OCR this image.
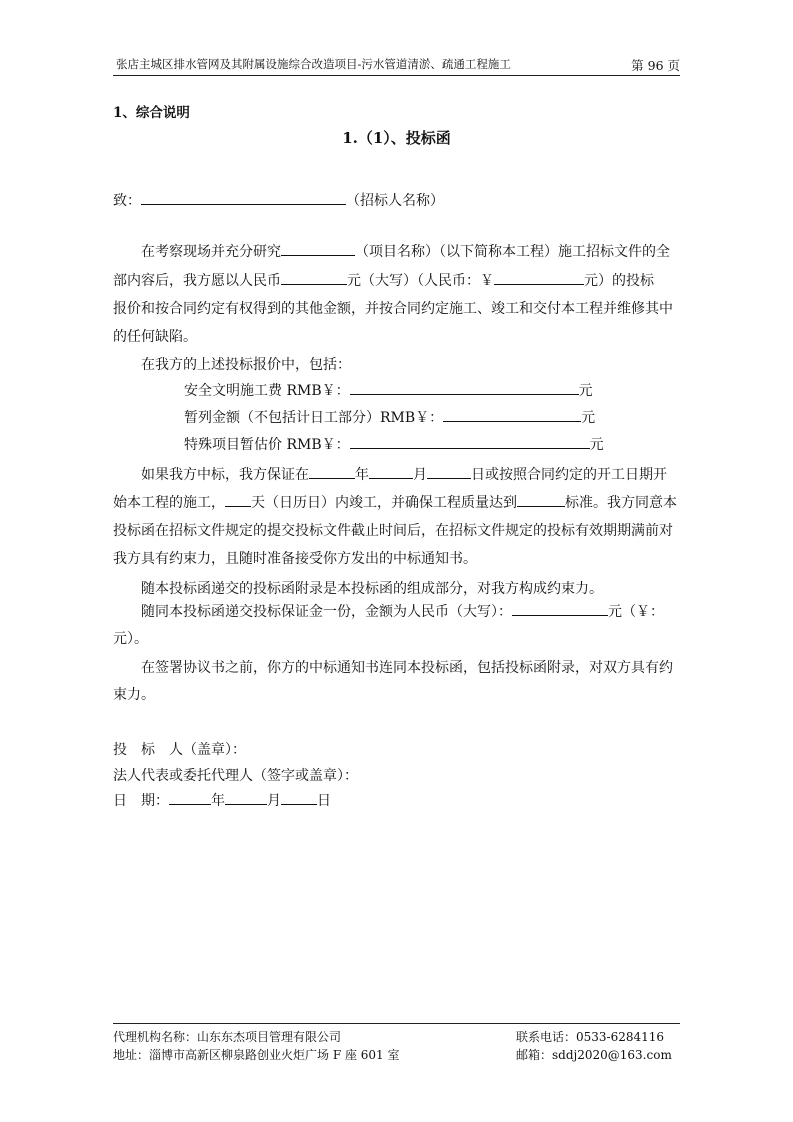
张店主城区排水管网及其附属设施综合改造项目-污水管道清淤、疏通工程施工	第 96 页
1、综合说明
1.（1）、投标函
致：	（招标人名称）
在考察现场并充分研究	（项目名称）（以下简称本工程）施工招标文件的全
部内容后，我方愿以人民币	元（大写）（人民币：￥	元）的投标
报价和按合同约定有权得到的其他金额，并按合同约定施工、竣工和交付本工程并维修其中
的任何缺陷。
在我方的上述投标报价中，包括：
安全文明施工费 RMB￥：	元
暂列金额（不包括计日工部分）RMB￥：	元
特殊项目暂估价 RMB￥：	元
如果我方中标，我方保证在	年	月	日或按照合同约定的开工日期开
始本工程的施工， 天（日历日）内竣工，并确保工程质量达到	标准。我方同意本
投标函在招标文件规定的提交投标文件截止时间后，在招标文件规定的投标有效期期满前对
我方具有约束力，且随时准备接受你方发出的中标通知书。
随本投标函递交的投标函附录是本投标函的组成部分，对我方构成约束力。
随同本投标函递交投标保证金一份，金额为人民币（大写）：	元（￥：
元）。
在签署协议书之前，你方的中标通知书连同本投标函，包括投标函附录，对双方具有约
束力。
投　标　人（盖章）：
法人代表或委托代理人（签字或盖章）：
日　期：	年	月	日
代理机构名称：山东东杰项目管理有限公司	联系电话：0533-6284116
地址：淄博市高新区柳泉路创业火炬广场 F 座 601 室	邮箱：sddj2020@163.com
